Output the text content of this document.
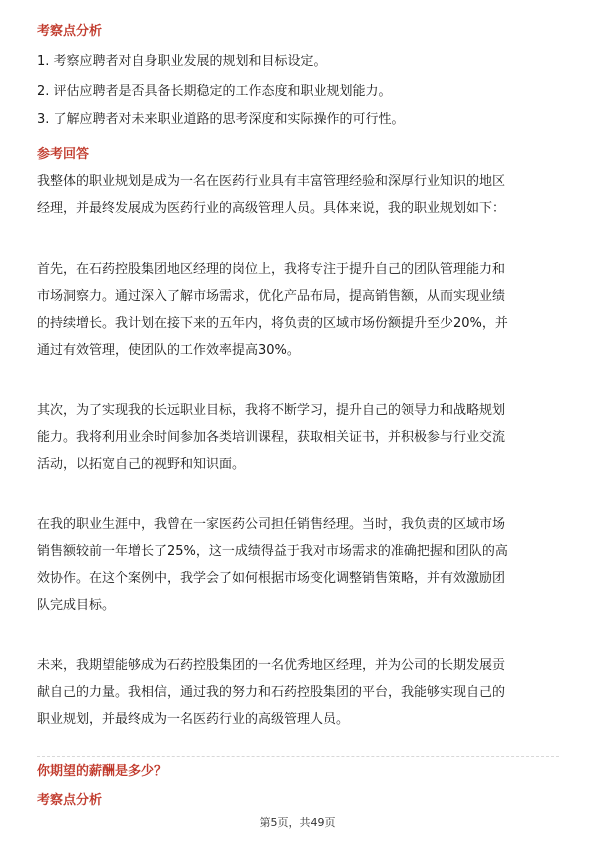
考察点分析
1. 考察应聘者对自身职业发展的规划和目标设定。
2. 评估应聘者是否具备长期稳定的工作态度和职业规划能力。
3. 了解应聘者对未来职业道路的思考深度和实际操作的可行性。
参考回答
我整体的职业规划是成为一名在医药行业具有丰富管理经验和深厚行业知识的地区
经理，并最终发展成为医药行业的高级管理人员。具体来说，我的职业规划如下：
首先，在石药控股集团地区经理的岗位上，我将专注于提升自己的团队管理能力和
市场洞察力。通过深入了解市场需求，优化产品布局，提高销售额，从而实现业绩
的持续增长。我计划在接下来的五年内，将负责的区域市场份额提升至少20%，并
通过有效管理，使团队的工作效率提高30%。
其次，为了实现我的长远职业目标，我将不断学习，提升自己的领导力和战略规划
能力。我将利用业余时间参加各类培训课程，获取相关证书，并积极参与行业交流
活动，以拓宽自己的视野和知识面。
在我的职业生涯中，我曾在一家医药公司担任销售经理。当时，我负责的区域市场
销售额较前一年增长了25%，这一成绩得益于我对市场需求的准确把握和团队的高
效协作。在这个案例中，我学会了如何根据市场变化调整销售策略，并有效激励团
队完成目标。
未来，我期望能够成为石药控股集团的一名优秀地区经理，并为公司的长期发展贡
献自己的力量。我相信，通过我的努力和石药控股集团的平台，我能够实现自己的
职业规划，并最终成为一名医药行业的高级管理人员。
你期望的薪酬是多少？
考察点分析
第5页，共49页
